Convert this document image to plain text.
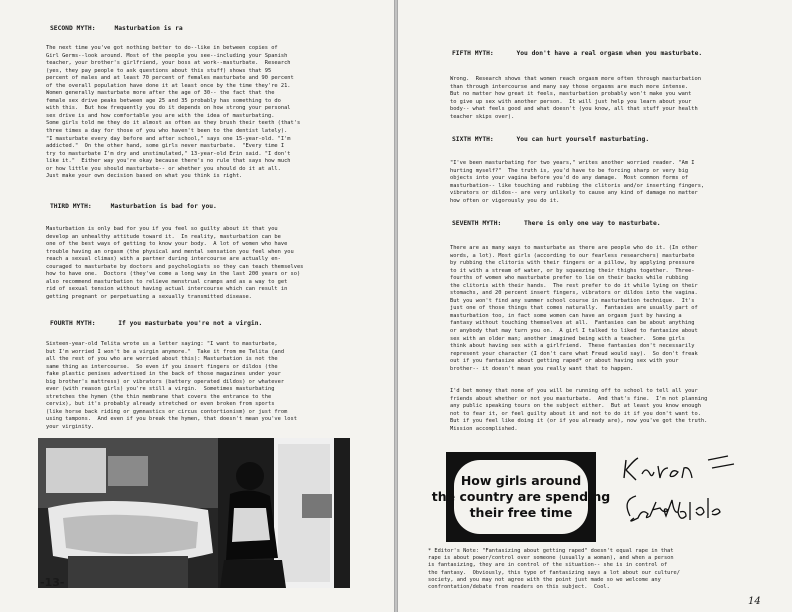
SECOND MYTH:	Masturbation is ra
The next time you've got nothing better to do--like in between copies of
Girl Germs--look around. Most of the people you see--including your Spanish
teacher, your brother's girlfriend, your boss at work--masturbate.  Research
(yes, they pay people to ask questions about this stuff) shows that 95
percent of males and at least 70 percent of females masturbate and 90 percent
of the overall population have done it at least once by the time they're 21.
Women generally masturbate more after the age of 30-- the fact that the
female sex drive peaks between age 25 and 35 probably has something to do
with this.  But how frequently you do it depends on how strong your personal
sex drive is and how comfortable you are with the idea of masturbating.
Some girls told me they do it almost as often as they brush their teeth (that's
three times a day for those of you who haven't been to the dentist lately).
"I masturbate every day before and after school," says one 15-year-old. "I'm
addicted."  On the other hand, some girls never masturbate.  "Every time I
try to masturbate I'm dry and unstimulated," 13-year-old Erin said. "I don't
like it."  Either way you're okay because there's no rule that says how much
or how little you should masturbate-- or whether you should do it at all.
Just make your own decision based on what you think is right.
THIRD MYTH:	Masturbation is bad for you.
Masturbation is only bad for you if you feel so guilty about it that you
develop an unhealthy attitude toward it.  In reality, masturbation can be
one of the best ways of getting to know your body.  A lot of women who have
trouble having an orgasm (the physical and mental sensation you feel when you
reach a sexual climax) with a partner during intercourse are actually en-
couraged to masturbate by doctors and psychologists so they can teach themselves
how to have one.  Doctors (they've come a long way in the last 200 years or so)
also recommend masturbation to relieve menstrual cramps and as a way to get
rid of sexual tension without having actual intercourse which can result in
getting pregnant or perpetuating a sexually transmitted disease.
FOURTH MYTH:	If you masturbate you're not a virgin.
Sixteen-year-old Telita wrote us a letter saying: "I want to masturbate,
but I'm worried I won't be a virgin anymore."  Take it from me Telita (and
all the rest of you who are worried about this): Masturbation is not the
same thing as intercourse.  So even if you insert fingers or dildos (the
fake plastic penises advertised in the back of those magazines under your
big brother's mattress) or vibrators (battery operated dildos) or whatever
ever (with reason girls) you're still a virgin.  Sometimes masturbating
stretches the hymen (the thin membrane that covers the entrance to the
cervix), but it's probably already stretched or even broken from sports
(like horse back riding or gymnastics or circus contortionism) or just from
using tampons.  And even if you break the hymen, that doesn't mean you've lost
your virginity.
-13-
FIFTH MYTH:	You don't have a real orgasm when you masturbate.
Wrong.  Research shows that women reach orgasm more often through masturbation
than through intercourse and many say those orgasms are much more intense.
But no matter how great it feels, masturbation probably won't make you want
to give up sex with another person.  It will just help you learn about your
body-- what feels good and what doesn't (you know, all that stuff your health
teacher skips over).
SIXTH MYTH:	You can hurt yourself masturbating.
"I've been masturbating for two years," writes another worried reader. "Am I
hurting myself?"  The truth is, you'd have to be forcing sharp or very big
objects into your vagina before you'd do any damage.  Most common forms of
masturbation-- like touching and rubbing the clitoris and/or inserting fingers,
vibrators or dildos-- are very unlikely to cause any kind of damage no matter
how often or vigorously you do it.
SEVENTH MYTH:	There is only one way to masturbate.
There are as many ways to masturbate as there are people who do it. (In other
words, a lot). Most girls (according to our fearless researchers) masturbate
by rubbing the clitoris with their fingers or a pillow, by applying pressure
to it with a stream of water, or by squeezing their thighs together.  Three-
fourths of women who masturbate prefer to lie on their backs while rubbing
the clitoris with their hands.  The rest prefer to do it while lying on their
stomachs, and 20 percent insert fingers, vibrators or dildos into the vagina.
But you won't find any summer school course in masturbation technique.  It's
just one of those things that comes naturally.  Fantasies are usually part of
masturbation too, in fact some women can have an orgasm just by having a
fantasy without touching themselves at all.  Fantasies can be about anything
or anybody that may turn you on.  A girl I talked to liked to fantasize about
sex with an older man; another imagined being with a teacher.  Some girls
think about having sex with a girlfriend.  These fantasies don't necessarily
represent your character (I don't care what Freud would say).  So don't freak
out if you fantasize about getting raped* or about having sex with your
brother-- it doesn't mean you really want that to happen.
I'd bet money that none of you will be running off to school to tell all your
friends about whether or not you masturbate.  And that's fine.  I'm not planning
any public speaking tours on the subject either.  But at least you know enough
not to fear it, or feel guilty about it and not to do it if you don't want to.
But if you feel like doing it (or if you already are), now you've got the truth.
Mission accomplished.
How girls around
the country are spending
their free time
* Editor's Note: "Fantasizing about getting raped" doesn't equal rape in that
rape is about power/control over someone (usually a woman), and when a person
is fantasizing, they are in control of the situation-- she is in control of
the fantasy.  Obviously, this type of fantasizing says a lot about our culture/
society, and you may not agree with the point just made so we welcome any
confrontation/debate from readers on this subject.  Cool.
14
